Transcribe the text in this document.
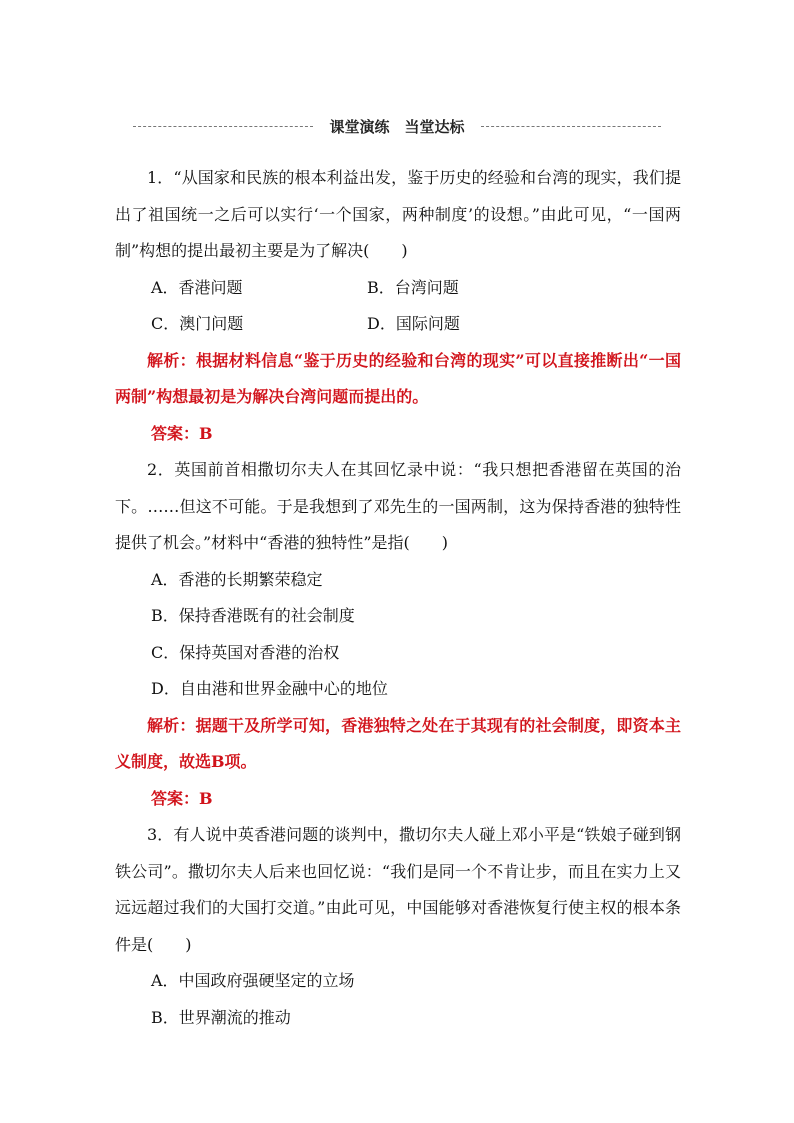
课堂演练　当堂达标

1．“从国家和民族的根本利益出发，鉴于历史的经验和台湾的现实，我们提出了祖国统一之后可以实行‘一个国家，两种制度’的设想。”由此可见，“一国两制”构想的提出最初主要是为了解决(　　)

A．香港问题	B．台湾问题
C．澳门问题	D．国际问题

解析：根据材料信息“鉴于历史的经验和台湾的现实”可以直接推断出“一国两制”构想最初是为解决台湾问题而提出的。

答案：B

2．英国前首相撒切尔夫人在其回忆录中说：“我只想把香港留在英国的治下。……但这不可能。于是我想到了邓先生的一国两制，这为保持香港的独特性提供了机会。”材料中“香港的独特性”是指(　　)

A．香港的长期繁荣稳定

B．保持香港既有的社会制度

C．保持英国对香港的治权

D．自由港和世界金融中心的地位

解析：据题干及所学可知，香港独特之处在于其现有的社会制度，即资本主义制度，故选B项。

答案：B

3．有人说中英香港问题的谈判中，撒切尔夫人碰上邓小平是“铁娘子碰到钢铁公司”。撒切尔夫人后来也回忆说：“我们是同一个不肯让步，而且在实力上又远远超过我们的大国打交道。”由此可见，中国能够对香港恢复行使主权的根本条件是(　　)

A．中国政府强硬坚定的立场

B．世界潮流的推动
